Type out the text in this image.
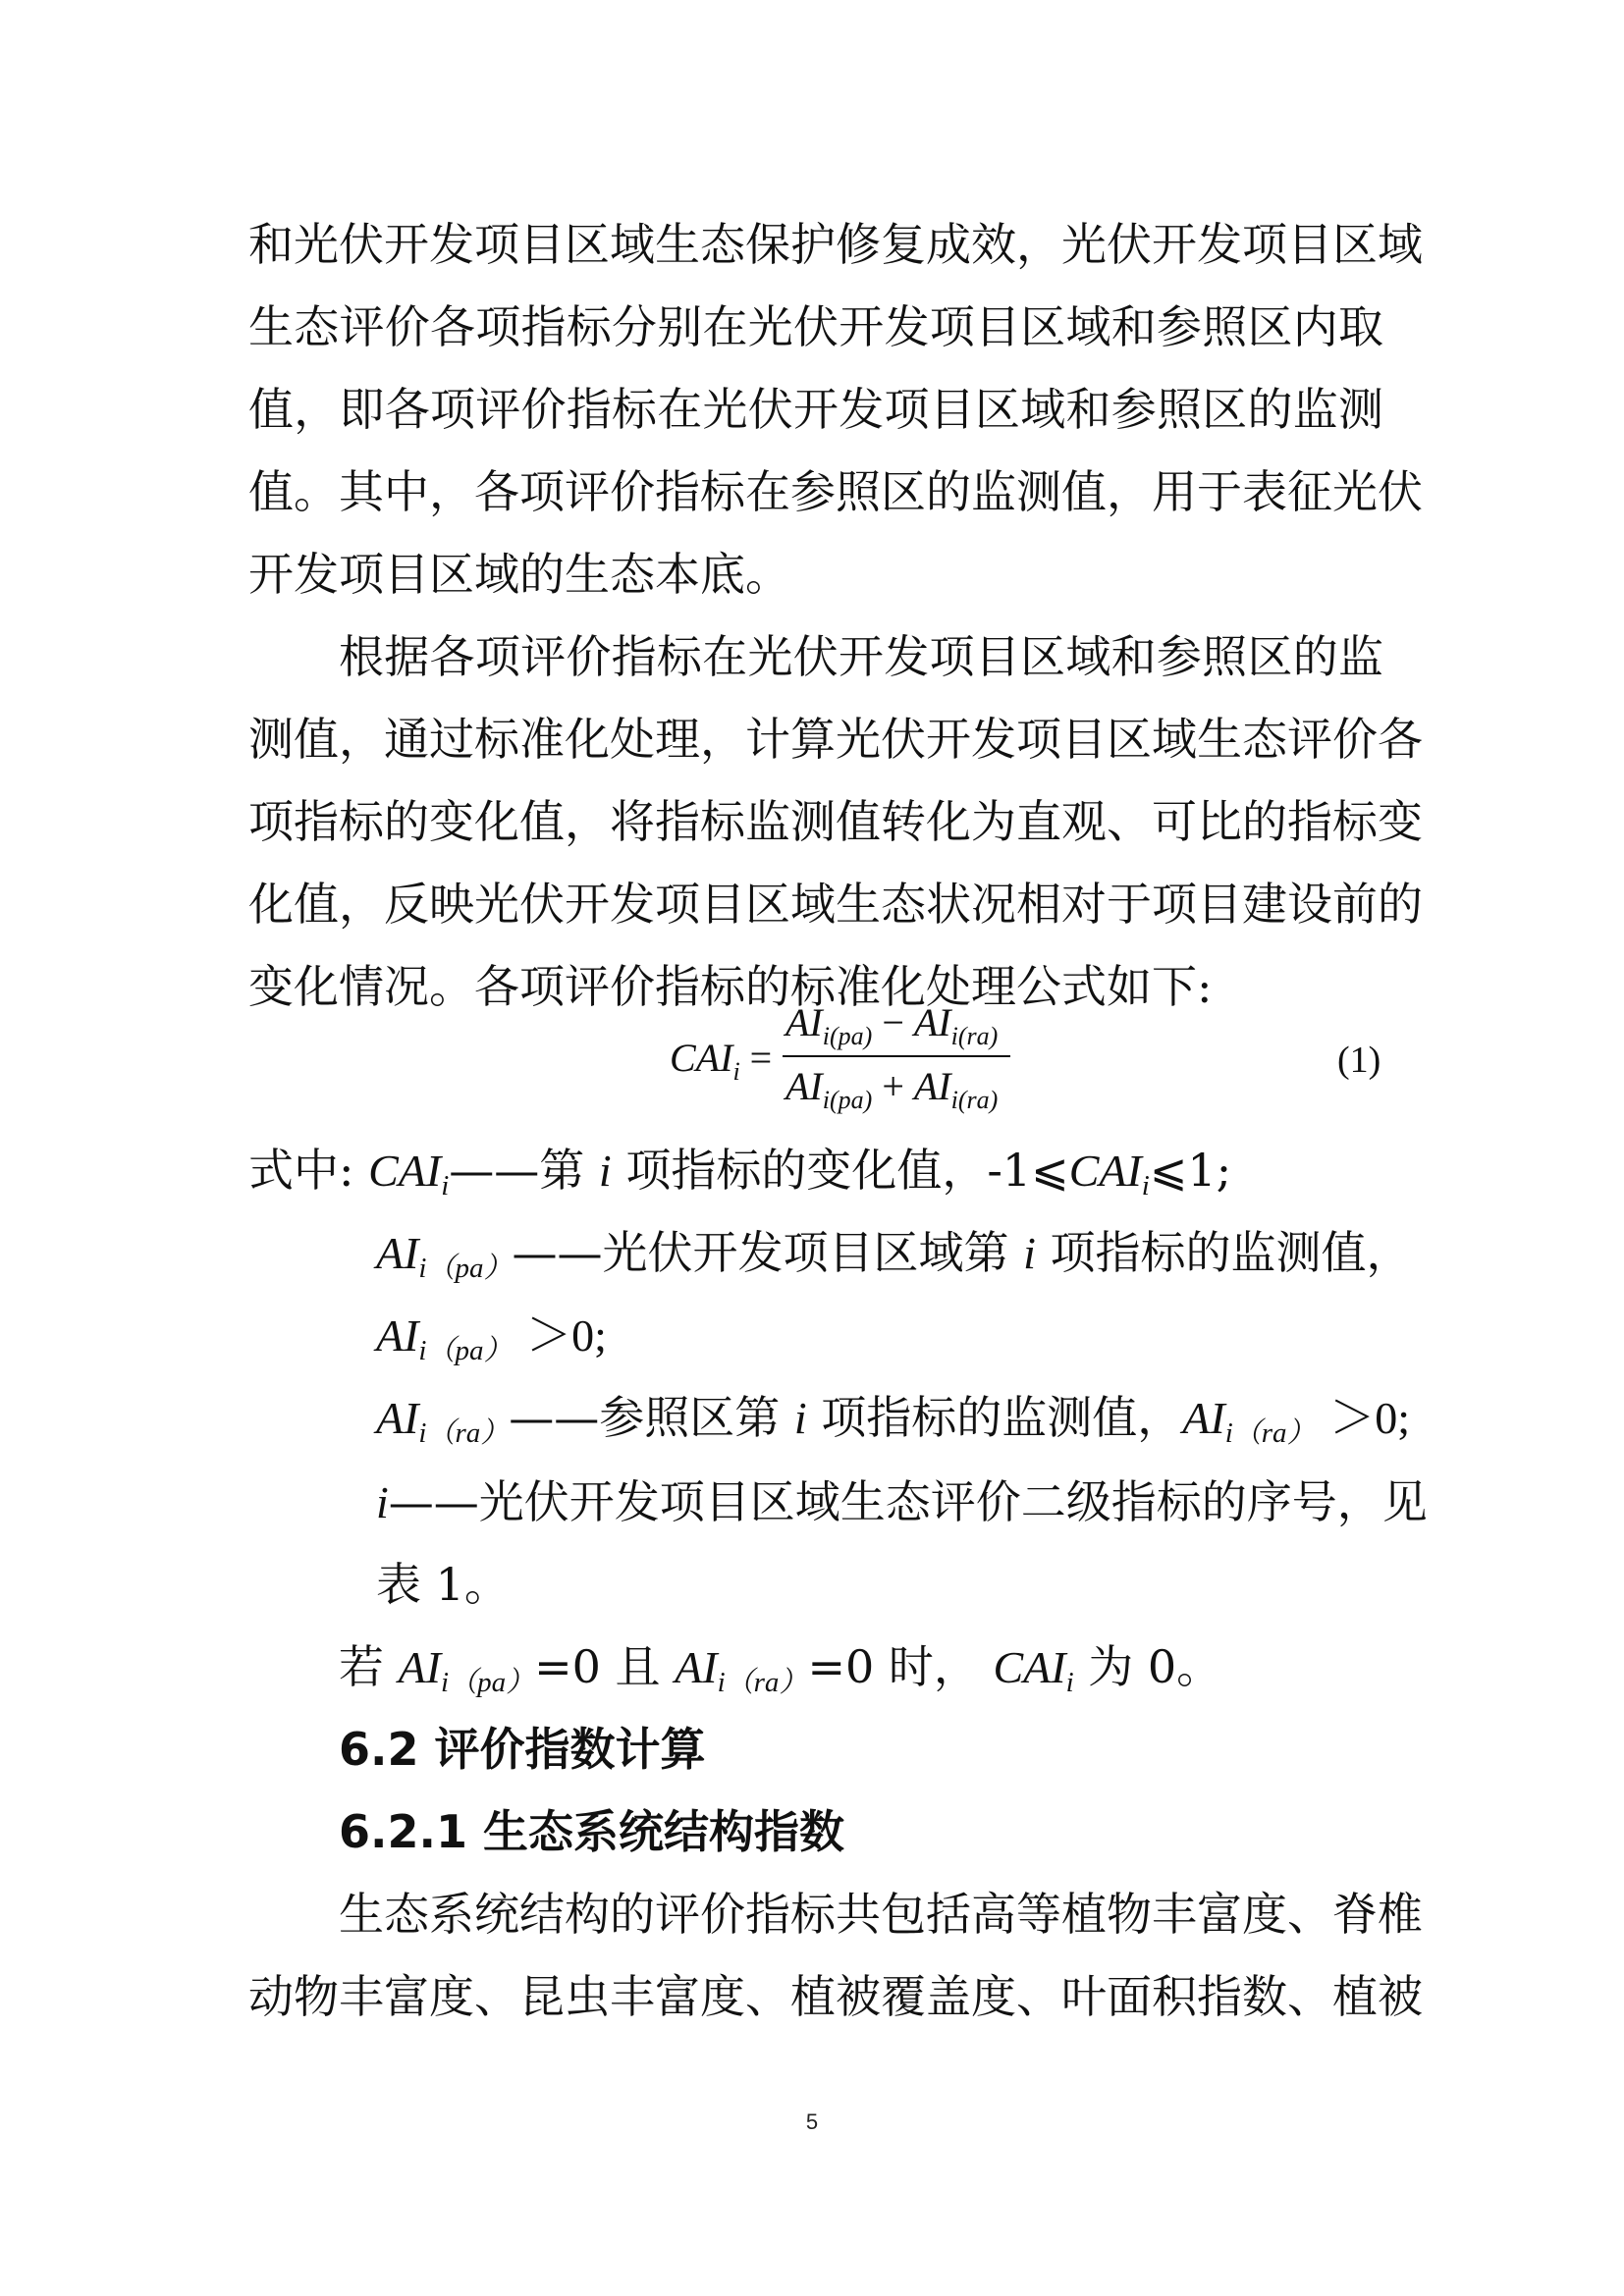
和光伏开发项目区域生态保护修复成效，光伏开发项目区域
生态评价各项指标分别在光伏开发项目区域和参照区内取
值，即各项评价指标在光伏开发项目区域和参照区的监测
值。其中，各项评价指标在参照区的监测值，用于表征光伏
开发项目区域的生态本底。
根据各项评价指标在光伏开发项目区域和参照区的监
测值，通过标准化处理，计算光伏开发项目区域生态评价各
项指标的变化值，将指标监测值转化为直观、可比的指标变
化值，反映光伏开发项目区域生态状况相对于项目建设前的
变化情况。各项评价指标的标准化处理公式如下:
$CAI_i$ =
$AI_{i(pa)} - AI_{i(ra)}$
$AI_{i(pa)} + AI_{i(ra)}$
(1)
式中: CAIi——第 i 项指标的变化值，-1⩽CAIi⩽1;
AIi（pa）——光伏开发项目区域第 i 项指标的监测值，
AIi（pa） ＞0;
AIi（ra）——参照区第 i 项指标的监测值，AIi（ra） ＞0;
i——光伏开发项目区域生态评价二级指标的序号，见
表 1。
若 AIi（pa）=0 且 AIi（ra）=0 时， CAIi 为 0。
6.2 评价指数计算
6.2.1 生态系统结构指数
生态系统结构的评价指标共包括高等植物丰富度、脊椎
动物丰富度、昆虫丰富度、植被覆盖度、叶面积指数、植被
5
